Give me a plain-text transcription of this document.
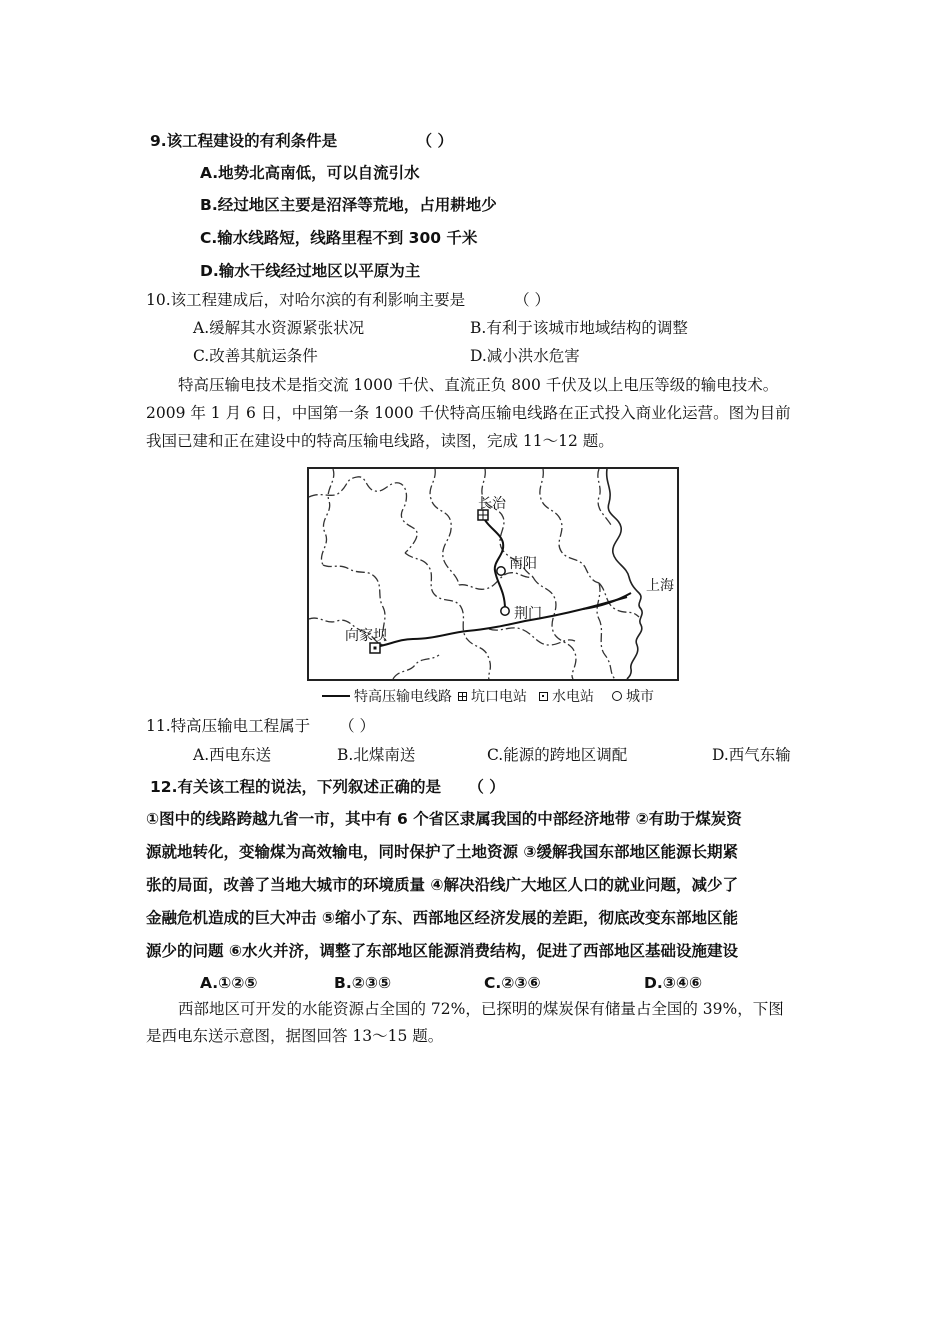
9.该工程建设的有利条件是	（ ）
A.地势北高南低，可以自流引水
B.经过地区主要是沼泽等荒地，占用耕地少
C.输水线路短，线路里程不到 300 千米
D.输水干线经过地区以平原为主
10.该工程建成后，对哈尔滨的有利影响主要是	（ ）
A.缓解其水资源紧张状况	B.有利于该城市地域结构的调整
C.改善其航运条件	D.减小洪水危害
特高压输电技术是指交流 1000 千伏、直流正负 800 千伏及以上电压等级的输电技术。
2009 年 1 月 6 日，中国第一条 1000 千伏特高压输电线路在正式投入商业化运营。图为目前
我国已建和正在建设中的特高压输电线路，读图，完成 11～12 题。
长治
南阳
荆门
上海
向家坝
特高压输电线路 坑口电站 水电站 城市
11.特高压输电工程属于 （ ）
A.西电东送	B.北煤南送	C.能源的跨地区调配	D.西气东输
12.有关该工程的说法，下列叙述正确的是 （ ）
①图中的线路跨越九省一市，其中有 6 个省区隶属我国的中部经济地带 ②有助于煤炭资
源就地转化，变输煤为高效输电，同时保护了土地资源 ③缓解我国东部地区能源长期紧
张的局面，改善了当地大城市的环境质量 ④解决沿线广大地区人口的就业问题，减少了
金融危机造成的巨大冲击 ⑤缩小了东、西部地区经济发展的差距，彻底改变东部地区能
源少的问题 ⑥水火并济，调整了东部地区能源消费结构，促进了西部地区基础设施建设
A.①②⑤	B.②③⑤	C.②③⑥	D.③④⑥
西部地区可开发的水能资源占全国的 72%，已探明的煤炭保有储量占全国的 39%，下图
是西电东送示意图，据图回答 13～15 题。
